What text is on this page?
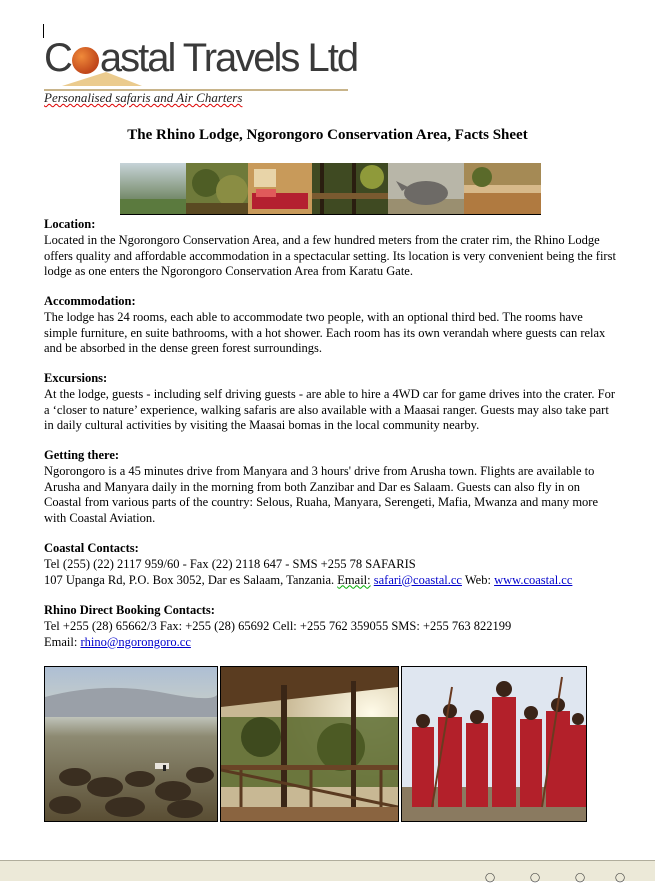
C astal Travels Ltd
Personalised safaris and Air Charters
The Rhino Lodge, Ngorongoro Conservation Area, Facts Sheet
Location:
Located in the Ngorongoro Conservation Area, and a few hundred meters from the crater rim, the Rhino Lodge offers quality and affordable accommodation in a spectacular setting. Its location is very convenient being the first lodge as one enters the Ngorongoro Conservation Area from Karatu Gate.
Accommodation:
The lodge has 24 rooms, each able to accommodate two people, with an optional third bed. The rooms have simple furniture, en suite bathrooms, with a hot shower. Each room has its own verandah where guests can relax and be absorbed in the dense green forest surroundings.
Excursions:
At the lodge, guests - including self driving guests - are able to hire a 4WD car for game drives into the crater. For a ‘closer to nature’ experience, walking safaris are also available with a Maasai ranger. Guests may also take part in daily cultural activities by visiting the Maasai bomas in the local community nearby.
Getting there:
Ngorongoro is a 45 minutes drive from Manyara and 3 hours' drive from Arusha town. Flights are available to Arusha and Manyara daily in the morning from both Zanzibar and Dar es Salaam. Guests can also fly in on Coastal from various parts of the country: Selous, Ruaha, Manyara, Serengeti, Mafia, Mwanza and many more with Coastal Aviation.
Coastal Contacts:
Tel (255) (22) 2117 959/60 - Fax (22) 2118 647 - SMS +255 78 SAFARIS
107 Upanga Rd, P.O. Box 3052, Dar es Salaam, Tanzania. Email: safari@coastal.cc Web: www.coastal.cc
Rhino Direct Booking Contacts:
Tel +255 (28) 65662/3 Fax: +255 (28) 65692 Cell: +255 762 359055 SMS: +255 763 822199
Email: rhino@ngorongoro.cc
◯	◯	◯	◯
